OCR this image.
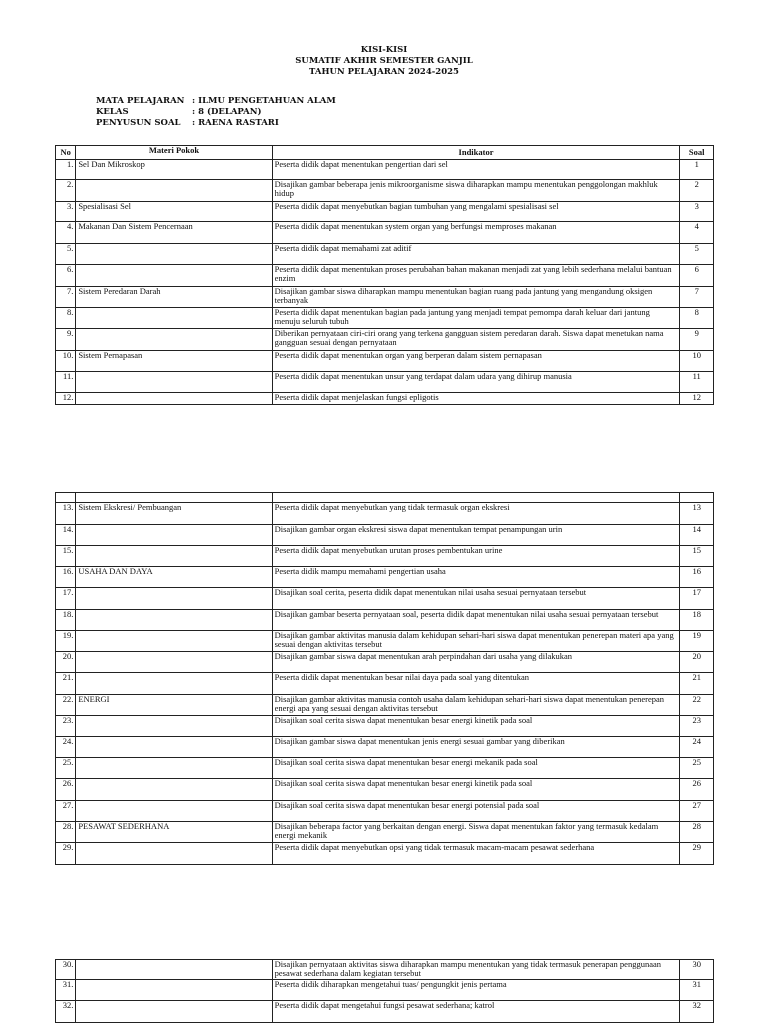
KISI-KISI
SUMATIF AKHIR SEMESTER GANJIL
TAHUN PELAJARAN 2024-2025
MATA PELAJARAN : ILMU PENGETAHUAN ALAM
KELAS	: 8 (DELAPAN)
PENYUSUN SOAL	: RAENA RASTARI
No	Materi Pokok	Indikator	Soal
1.	Sel Dan Mikroskop	Peserta didik dapat menentukan pengertian dari sel	1
2.		Disajikan gambar beberapa jenis mikroorganisme siswa diharapkan mampu menentukan penggolongan makhluk hidup	2
3.	Spesialisasi Sel	Peserta didik dapat menyebutkan bagian tumbuhan yang mengalami spesialisasi sel	3
4.	Makanan Dan Sistem Pencernaan	Peserta didik dapat menentukan system organ yang berfungsi memproses makanan	4
5.		Peserta didik dapat memahami zat aditif	5
6.		Peserta didik dapat menentukan proses perubahan bahan makanan menjadi zat yang lebih sederhana melalui bantuan enzim	6
7.	Sistem Peredaran Darah	Disajikan gambar siswa diharapkan mampu menentukan bagian ruang pada jantung yang mengandung oksigen terbanyak	7
8.		Peserta didik dapat menentukan bagian pada jantung yang menjadi tempat pemompa darah keluar dari jantung menuju seluruh tubuh	8
9.		Diberikan pernyataan ciri-ciri orang yang terkena gangguan sistem peredaran darah. Siswa dapat menetukan nama gangguan sesuai dengan pernyataan	9
10.	Sistem Pernapasan	Peserta didik dapat menentukan organ yang berperan dalam sistem pernapasan	10
11.		Peserta didik dapat menentukan unsur yang terdapat dalam udara yang dihirup manusia	11
12.		Peserta didik dapat menjelaskan fungsi epligotis	12

13.	Sistem Ekskresi/ Pembuangan	Peserta didik dapat menyebutkan yang tidak termasuk organ ekskresi	13
14.		Disajikan gambar organ ekskresi siswa dapat menentukan tempat penampungan urin	14
15.		Peserta didik dapat menyebutkan urutan proses pembentukan urine	15
16.	USAHA DAN DAYA	Peserta didik mampu memahami pengertian usaha	16
17.		Disajikan soal cerita, peserta didik dapat menentukan nilai usaha sesuai pernyataan tersebut	17
18.		Disajikan gambar beserta pernyataan soal, peserta didik dapat menentukan nilai usaha sesuai pernyataan tersebut	18
19.		Disajikan gambar aktivitas manusia dalam kehidupan sehari-hari siswa dapat menentukan penerepan materi apa yang sesuai dengan aktivitas tersebut	19
20.		Disajikan gambar siswa dapat menentukan arah perpindahan dari usaha yang dilakukan	20
21.		Peserta didik dapat menentukan besar nilai daya pada soal yang ditentukan	21
22.	ENERGI	Disajikan gambar aktivitas manusia contoh usaha dalam kehidupan sehari-hari siswa dapat menentukan penerepan energi apa yang sesuai dengan aktivitas tersebut	22
23.		Disajikan soal cerita siswa dapat menentukan besar energi kinetik pada soal	23
24.		Disajikan gambar siswa dapat menentukan jenis energi sesuai gambar yang diberikan	24
25.		Disajikan soal cerita siswa dapat menentukan besar energi mekanik pada soal	25
26.		Disajikan soal cerita siswa dapat menentukan besar energi kinetik pada soal	26
27.		Disajikan soal cerita siswa dapat menentukan besar energi potensial pada soal	27
28.	PESAWAT SEDERHANA	Disajikan beberapa factor yang berkaitan dengan energi. Siswa dapat menentukan faktor yang termasuk kedalam energi mekanik	28
29.		Peserta didik dapat menyebutkan opsi yang tidak termasuk macam-macam pesawat sederhana	29
30.		Disajikan pernyataan aktivitas siswa diharapkan mampu menentukan yang tidak termasuk penerapan penggunaan pesawat sederhana dalam kegiatan tersebut	30
31.		Peserta didik diharapkan mengetahui tuas/ pengungkit jenis pertama	31
32.		Peserta didik dapat mengetahui fungsi pesawat sederhana; katrol	32
